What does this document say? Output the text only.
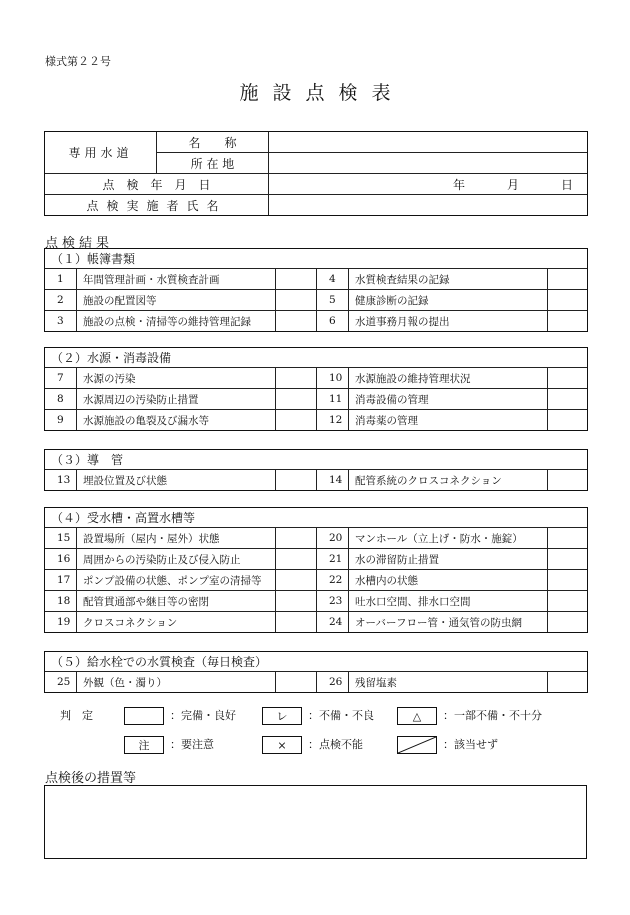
様式第２２号
施設点検表
専用水道	名　　称	
	所 在 地	
点　検　年　月　日		年 月 日
点検実施者氏名		
点検結果
（１）帳簿書類					
1	年間管理計画・水質検査計画		4	水質検査結果の記録	
2	施設の配置図等		5	健康診断の記録	
3	施設の点検・清掃等の維持管理記録		6	水道事務月報の提出	
（２）水源・消毒設備					
7	水源の汚染		10	水源施設の維持管理状況	
8	水源周辺の汚染防止措置		11	消毒設備の管理	
9	水源施設の亀裂及び漏水等		12	消毒薬の管理	
（３）導　管
13	埋設位置及び状態		14	配管系統のクロスコネクション	
（４）受水槽・高置水槽等					
15	設置場所（屋内・屋外）状態		20	マンホール（立上げ・防水・施錠）	
16	周囲からの汚染防止及び侵入防止		21	水の滞留防止措置	
17	ポンプ設備の状態、ポンプ室の清掃等		22	水槽内の状態	
18	配管貫通部や継目等の密閉		23	吐水口空間、排水口空間	
19	クロスコネクション		24	オーバーフロー管・通気管の防虫網	
（５）給水栓での水質検査（毎日検査）
25	外観（色・濁り）		26	残留塩素	
判　定	：完備・良好	レ	：不備・不良	△	：一部不備・不十分
注	：要注意	×	：点検不能	：該当せず
点検後の措置等
